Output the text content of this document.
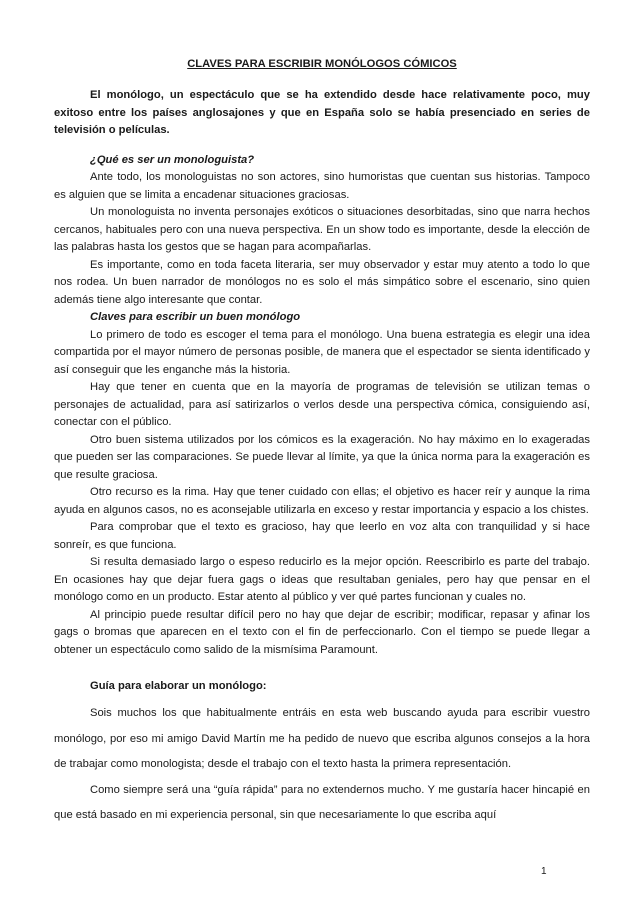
CLAVES PARA ESCRIBIR MONÓLOGOS CÓMICOS

El monólogo, un espectáculo que se ha extendido desde hace relativamente poco, muy exitoso entre los países anglosajones y que en España solo se había presenciado en series de televisión o películas.

¿Qué es ser un monologuista?

Ante todo, los monologuistas no son actores, sino humoristas que cuentan sus historias. Tampoco es alguien que se limita a encadenar situaciones graciosas.

Un monologuista no inventa personajes exóticos o situaciones desorbitadas, sino que narra hechos cercanos, habituales pero con una nueva perspectiva. En un show todo es importante, desde la elección de las palabras hasta los gestos que se hagan para acompañarlas.

Es importante, como en toda faceta literaria, ser muy observador y estar muy atento a todo lo que nos rodea. Un buen narrador de monólogos no es solo el más simpático sobre el escenario, sino quien además tiene algo interesante que contar.

Claves para escribir un buen monólogo

Lo primero de todo es escoger el tema para el monólogo. Una buena estrategia es elegir una idea compartida por el mayor número de personas posible, de manera que el espectador se sienta identificado y así conseguir que les enganche más la historia.

Hay que tener en cuenta que en la mayoría de programas de televisión se utilizan temas o personajes de actualidad, para así satirizarlos o verlos desde una perspectiva cómica, consiguiendo así, conectar con el público.

Otro buen sistema utilizados por los cómicos es la exageración. No hay máximo en lo exageradas que pueden ser las comparaciones. Se puede llevar al límite, ya que la única norma para la exageración es que resulte graciosa.

Otro recurso es la rima. Hay que tener cuidado con ellas; el objetivo es hacer reír y aunque la rima ayuda en algunos casos, no es aconsejable utilizarla en exceso y restar importancia y espacio a los chistes.

Para comprobar que el texto es gracioso, hay que leerlo en voz alta con tranquilidad y si hace sonreír, es que funciona.

Si resulta demasiado largo o espeso reducirlo es la mejor opción. Reescribirlo es parte del trabajo. En ocasiones hay que dejar fuera gags o ideas que resultaban geniales, pero hay que pensar en el monólogo como en un producto. Estar atento al público y ver qué partes funcionan y cuales no.

Al principio puede resultar difícil pero no hay que dejar de escribir; modificar, repasar y afinar los gags o bromas que aparecen en el texto con el fin de perfeccionarlo. Con el tiempo se puede llegar a obtener un espectáculo como salido de la mismísima Paramount.

Guía para elaborar un monólogo:

Sois muchos los que habitualmente entráis en esta web buscando ayuda para escribir vuestro monólogo, por eso mi amigo David Martín me ha pedido de nuevo que escriba algunos consejos a la hora de trabajar como monologista; desde el trabajo con el texto hasta la primera representación.

Como siempre será una “guía rápida” para no extendernos mucho. Y me gustaría hacer hincapié en que está basado en mi experiencia personal, sin que necesariamente lo que escriba aquí

1
